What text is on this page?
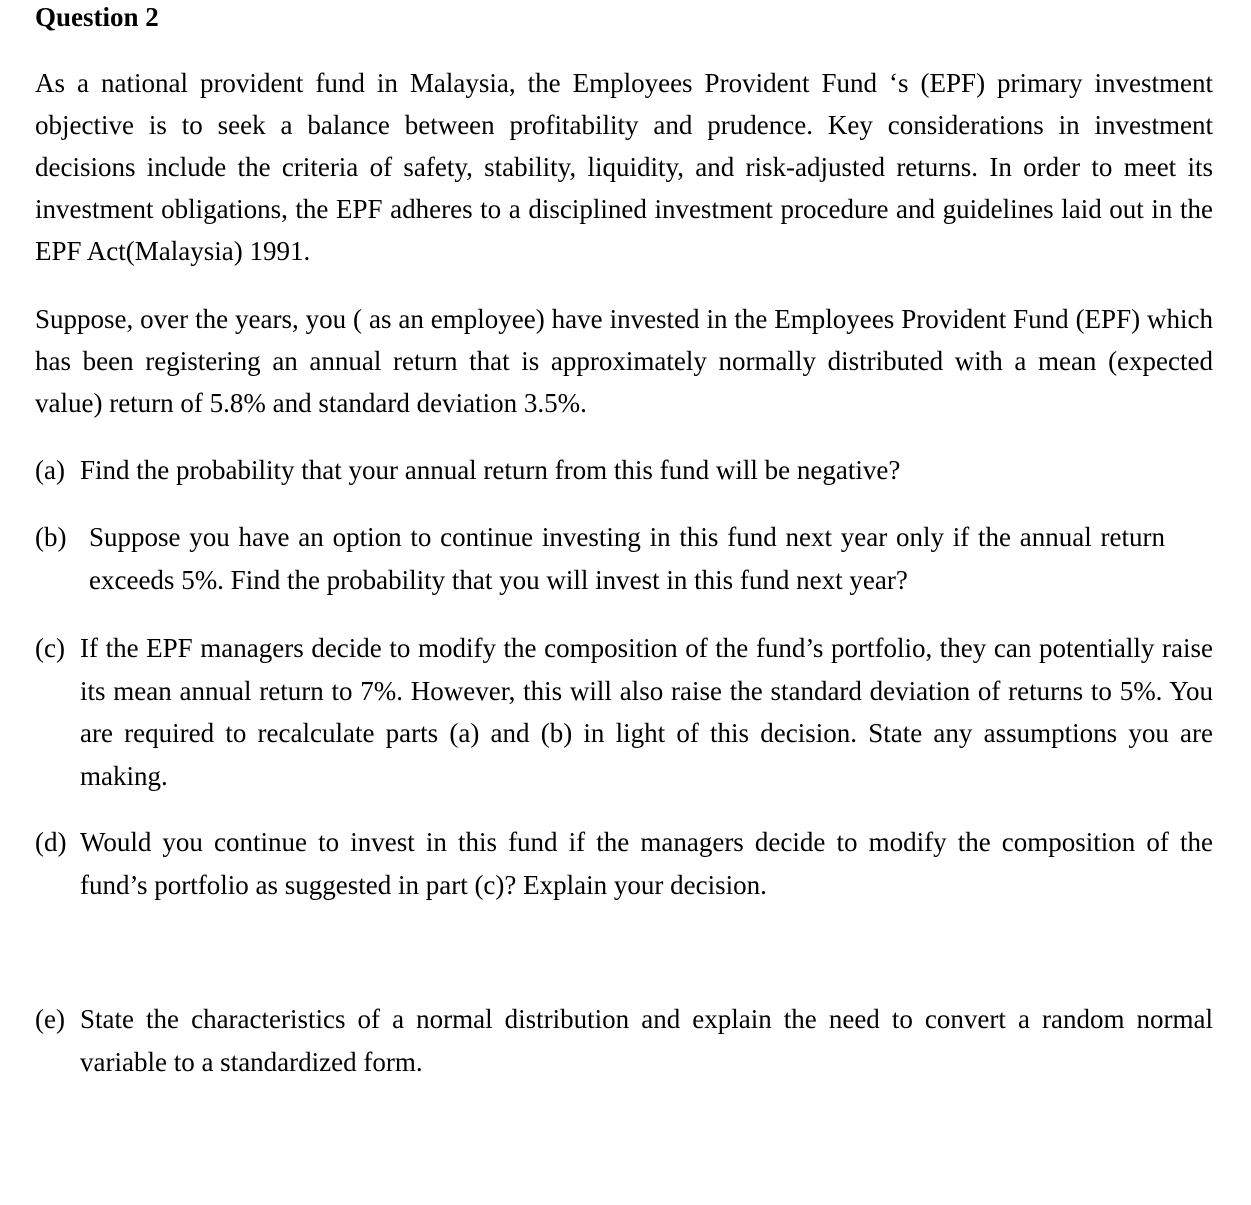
Question 2

As a national provident fund in Malaysia, the Employees Provident Fund ‘s (EPF) primary investment objective is to seek a balance between profitability and prudence. Key considerations in investment decisions include the criteria of safety, stability, liquidity, and risk-adjusted returns. In order to meet its investment obligations, the EPF adheres to a disciplined investment procedure and guidelines laid out in the EPF Act(Malaysia) 1991.

Suppose, over the years, you ( as an employee) have invested in the Employees Provident Fund (EPF) which has been registering an annual return that is approximately normally distributed with a mean (expected value) return of 5.8% and standard deviation 3.5%.

(a) Find the probability that your annual return from this fund will be negative?
(b) Suppose you have an option to continue investing in this fund next year only if the annual return exceeds 5%. Find the probability that you will invest in this fund next year?
(c) If the EPF managers decide to modify the composition of the fund’s portfolio, they can potentially raise its mean annual return to 7%. However, this will also raise the standard deviation of returns to 5%. You are required to recalculate parts (a) and (b) in light of this decision. State any assumptions you are making.
(d) Would you continue to invest in this fund if the managers decide to modify the composition of the fund’s portfolio as suggested in part (c)? Explain your decision.
(e) State the characteristics of a normal distribution and explain the need to convert a random normal variable to a standardized form.
